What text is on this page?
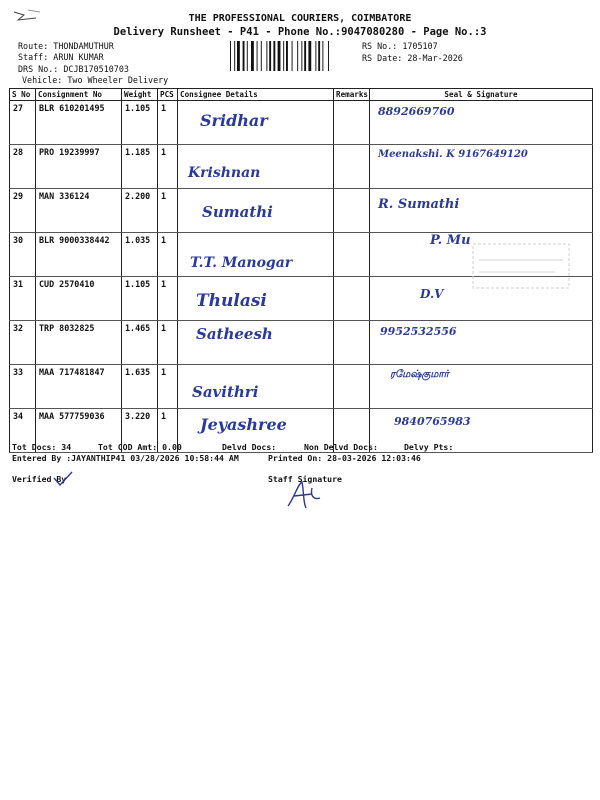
THE PROFESSIONAL COURIERS, COIMBATORE
Delivery Runsheet - P41 - Phone No.:9047080280 - Page No.:3
Route: THONDAMUTHUR
Staff: ARUN KUMAR
DRS No.: DCJB170510703
Vehicle: Two Wheeler Delivery
RS No.: 1705107
RS Date: 28-Mar-2026
S No	Consignment No	Weight	PCS	Consignee Details	Remarks	Seal & Signature
27	BLR 610201495	1.105	1	Sridhar		8892669760

28	PRO 19239997	1.185	1	Krishnan		Meenakshi. K 9167649120

29	MAN 336124	2.200	1	Sumathi		R. Sumathi

30	BLR 9000338442	1.035	1	T.T. Manogar		P. Mu

31	CUD 2570410	1.105	1	Thulasi		D.V

32	TRP 8032825	1.465	1	Satheesh		9952532556

33	MAA 717481847	1.635	1	Savithri		ரமேஷ்குமார்

34	MAA 577759036	3.220	1	Jeyashree		9840765983
Tot Docs: 34	Tot COD Amt: 0.00	Delvd Docs:	Non Delvd Docs:	Delvy Pts:
Entered By :JAYANTHIP41 03/28/2026 10:58:44 AM	Printed On: 28-03-2026 12:03:46
Verified By	Staff Signature
